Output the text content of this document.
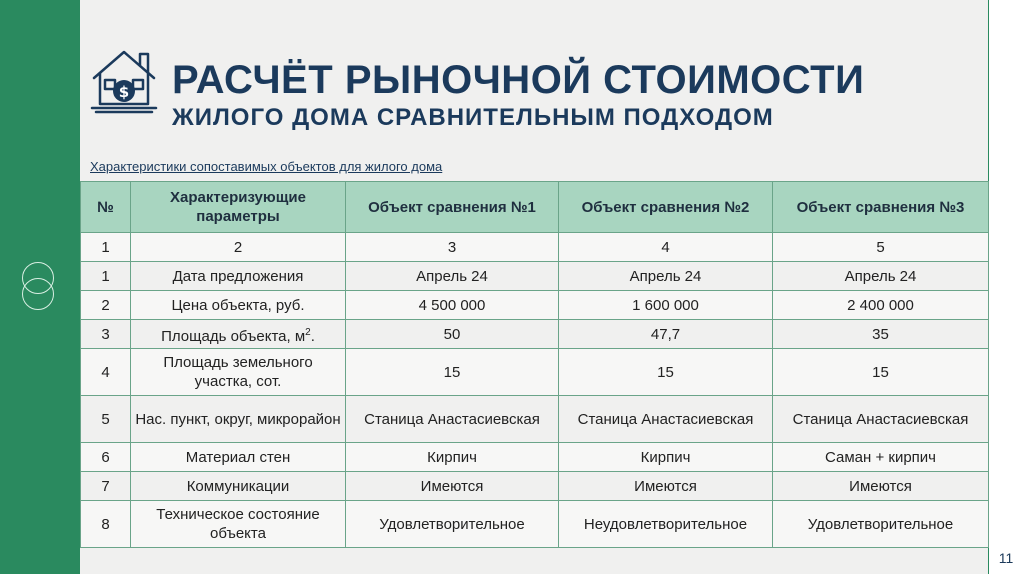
$ РАСЧЁТ РЫНОЧНОЙ СТОИМОСТИ
ЖИЛОГО ДОМА СРАВНИТЕЛЬНЫМ ПОДХОДОМ
Характеристики сопоставимых объектов для жилого дома
№	Характеризующие параметры	Объект сравнения №1	Объект сравнения №2	Объект сравнения №3
1	2	3	4	5
1	Дата предложения	Апрель 24	Апрель 24	Апрель 24
2	Цена объекта, руб.	4 500 000	1 600 000	2 400 000
3	Площадь объекта, $м^2$.	50	47,7	35
4	Площадь земельного участка, сот.	15	15	15
5	Нас. пункт, округ, микрорайон	Станица Анастасиевская	Станица Анастасиевская	Станица Анастасиевская
6	Материал стен	Кирпич	Кирпич	Саман + кирпич
7	Коммуникации	Имеются	Имеются	Имеются
8	Техническое состояние объекта	Удовлетворительное	Неудовлетворительное	Удовлетворительное
11
